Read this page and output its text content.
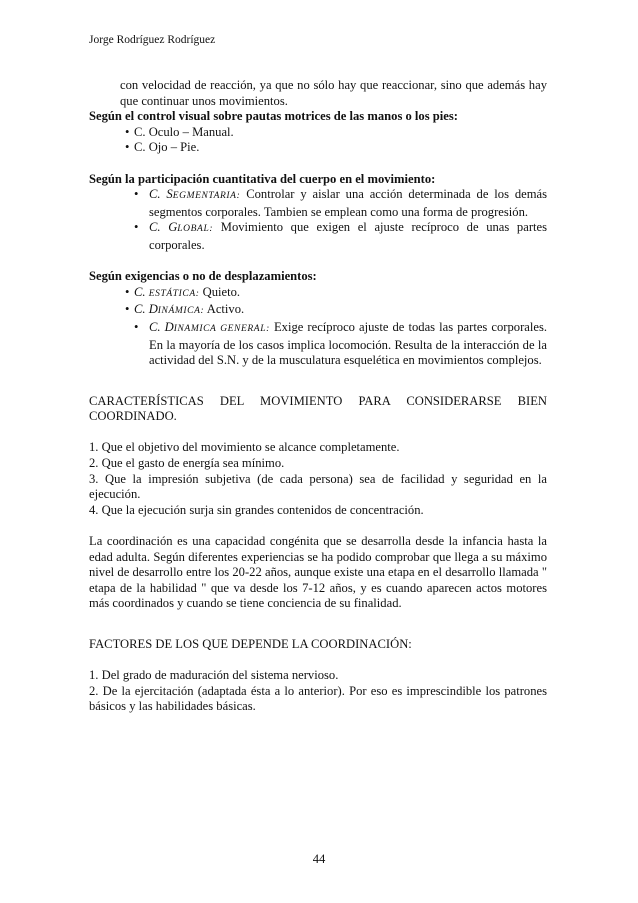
Jorge Rodríguez Rodríguez

con velocidad de reacción, ya que no sólo hay que reaccionar, sino que además hay que continuar unos movimientos.

Según el control visual sobre pautas motrices de las manos o los pies:

• C. Oculo – Manual.

• C. Ojo – Pie.

Según la participación cuantitativa del cuerpo en el movimiento:

• C. SEGMENTARIA: Controlar y aislar una acción determinada de los demás segmentos corporales. Tambien se emplean como una forma de progresión.

• C. GLOBAL: Movimiento que exigen el ajuste recíproco de unas partes corporales.

Según exigencias o no de desplazamientos:

• C. ESTÁTICA: Quieto.

• C. DINÁMICA: Activo.

• C. DINAMICA GENERAL: Exige recíproco ajuste de todas las partes corporales. En la mayoría de los casos implica locomoción. Resulta de la interacción de la actividad del S.N. y de la musculatura esquelética en movimientos complejos.

CARACTERÍSTICAS DEL MOVIMIENTO PARA CONSIDERARSE BIEN

COORDINADO.

1. Que el objetivo del movimiento se alcance completamente.

2. Que el gasto de energía sea mínimo.

3. Que la impresión subjetiva (de cada persona) sea de facilidad y seguridad en la ejecución.

4. Que la ejecución surja sin grandes contenidos de concentración.

La coordinación es una capacidad congénita que se desarrolla desde la infancia hasta la edad adulta. Según diferentes experiencias se ha podido comprobar que llega a su máximo nivel de desarrollo entre los 20-22 años, aunque existe una etapa en el desarrollo llamada " etapa de la habilidad " que va desde los 7-12 años, y es cuando aparecen actos motores más coordinados y cuando se tiene conciencia de su finalidad.

FACTORES DE LOS QUE DEPENDE LA COORDINACIÓN:

1. Del grado de maduración del sistema nervioso.

2. De la ejercitación (adaptada ésta a lo anterior). Por eso es imprescindible los patrones básicos y las habilidades básicas.

44
